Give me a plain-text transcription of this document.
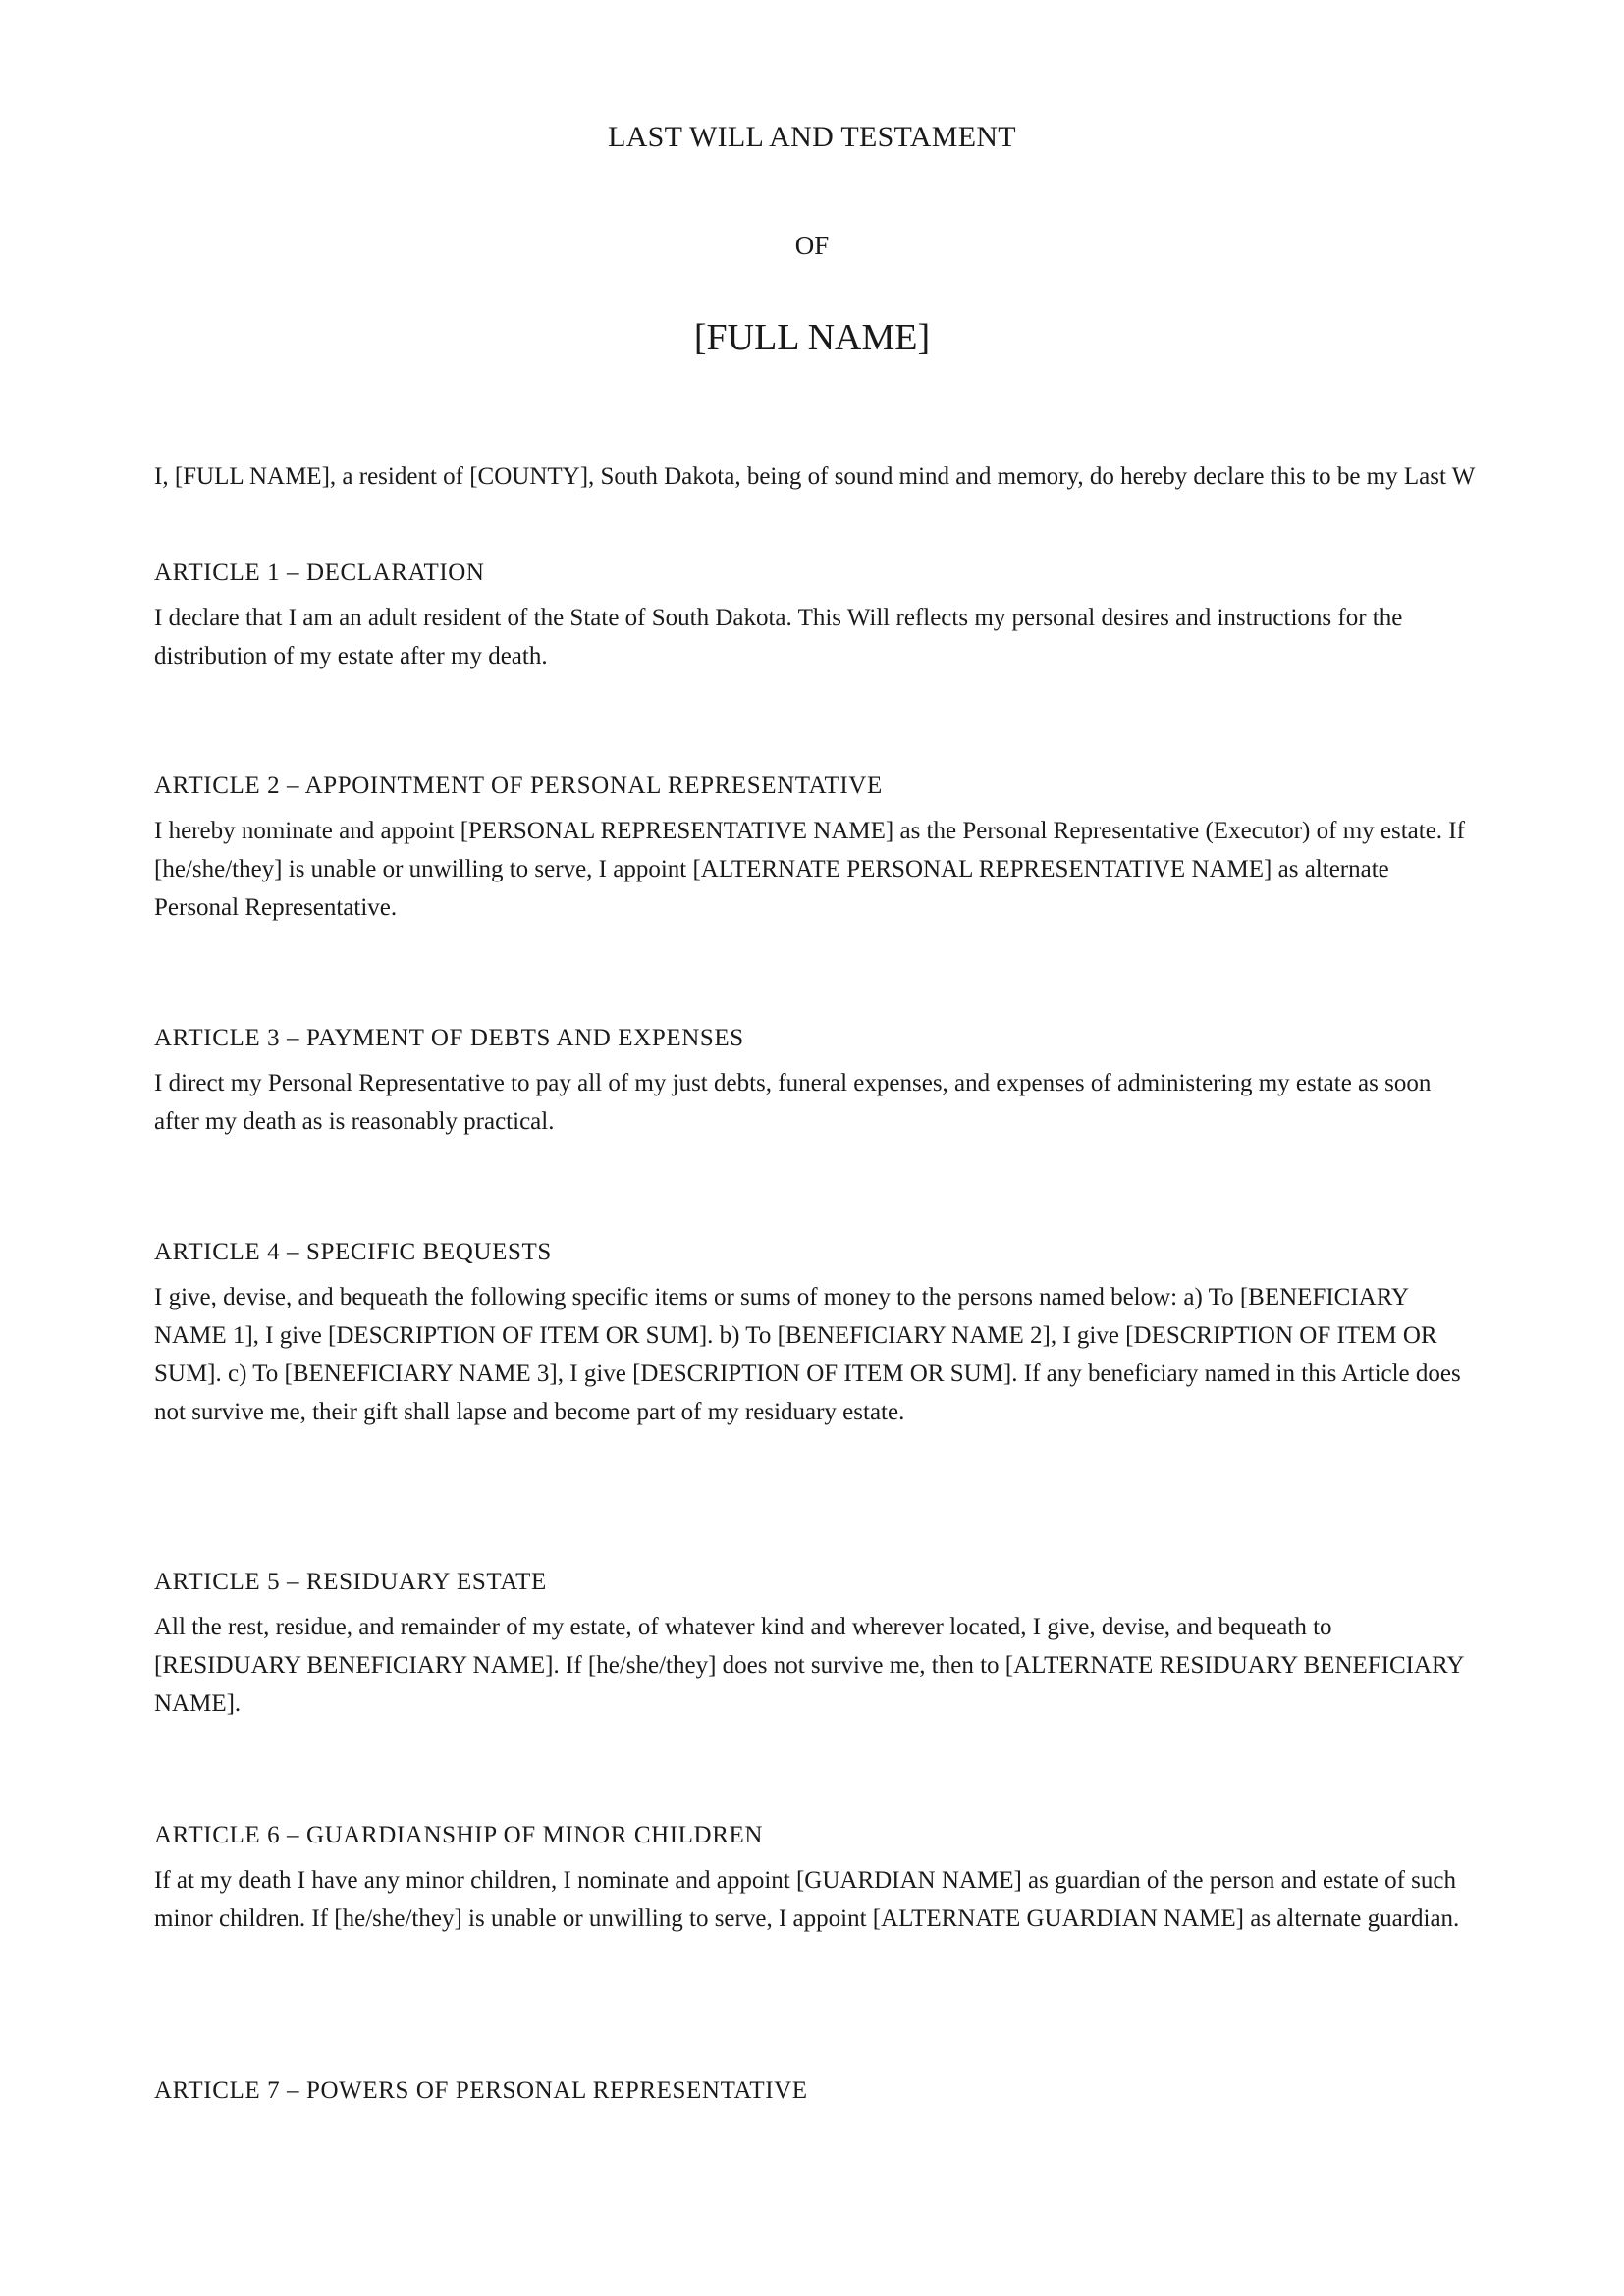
LAST WILL AND TESTAMENT
OF
[FULL NAME]
I, [FULL NAME], a resident of [COUNTY], South Dakota, being of sound mind and memory, do hereby declare this to be my Last W
ARTICLE 1 – DECLARATION
I declare that I am an adult resident of the State of South Dakota. This Will reflects my personal desires and instructions for the distribution of my estate after my death.
ARTICLE 2 – APPOINTMENT OF PERSONAL REPRESENTATIVE
I hereby nominate and appoint [PERSONAL REPRESENTATIVE NAME] as the Personal Representative (Executor) of my estate. If [he/she/they] is unable or unwilling to serve, I appoint [ALTERNATE PERSONAL REPRESENTATIVE NAME] as alternate Personal Representative.
ARTICLE 3 – PAYMENT OF DEBTS AND EXPENSES
I direct my Personal Representative to pay all of my just debts, funeral expenses, and expenses of administering my estate as soon after my death as is reasonably practical.
ARTICLE 4 – SPECIFIC BEQUESTS
I give, devise, and bequeath the following specific items or sums of money to the persons named below: a) To [BENEFICIARY NAME 1], I give [DESCRIPTION OF ITEM OR SUM]. b) To [BENEFICIARY NAME 2], I give [DESCRIPTION OF ITEM OR SUM]. c) To [BENEFICIARY NAME 3], I give [DESCRIPTION OF ITEM OR SUM]. If any beneficiary named in this Article does not survive me, their gift shall lapse and become part of my residuary estate.
ARTICLE 5 – RESIDUARY ESTATE
All the rest, residue, and remainder of my estate, of whatever kind and wherever located, I give, devise, and bequeath to [RESIDUARY BENEFICIARY NAME]. If [he/she/they] does not survive me, then to [ALTERNATE RESIDUARY BENEFICIARY NAME].
ARTICLE 6 – GUARDIANSHIP OF MINOR CHILDREN
If at my death I have any minor children, I nominate and appoint [GUARDIAN NAME] as guardian of the person and estate of such minor children. If [he/she/they] is unable or unwilling to serve, I appoint [ALTERNATE GUARDIAN NAME] as alternate guardian.
ARTICLE 7 – POWERS OF PERSONAL REPRESENTATIVE
